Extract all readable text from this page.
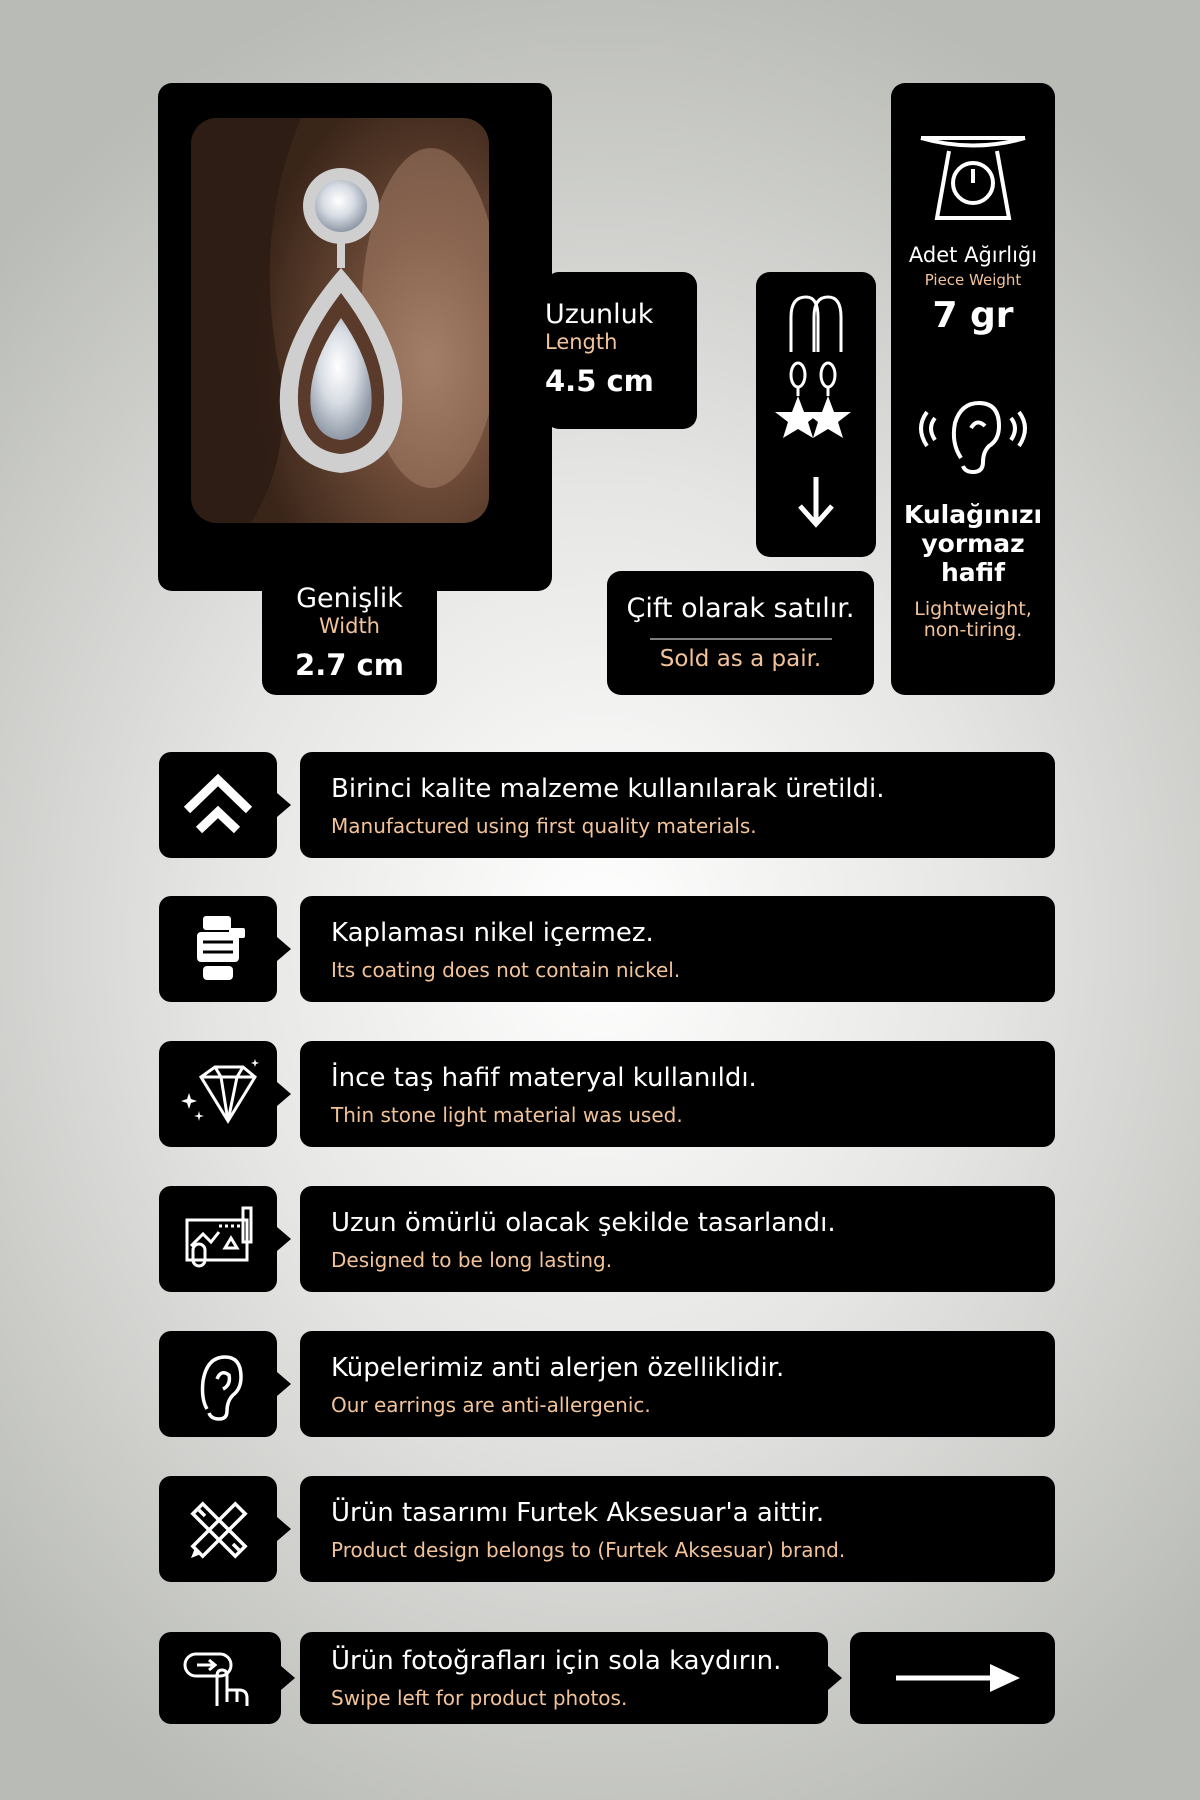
Uzunluk
Length
4.5 cm
Genişlik
Width
2.7 cm
Çift olarak satılır.
Sold as a pair.
Adet Ağırlığı
Piece Weight
7 gr
Kulağınızı yormaz hafif
Lightweight, non-tiring.
Birinci kalite malzeme kullanılarak üretildi.
Manufactured using first quality materials.
Kaplaması nikel içermez.
Its coating does not contain nickel.
İnce taş hafif materyal kullanıldı.
Thin stone light material was used.
Uzun ömürlü olacak şekilde tasarlandı.
Designed to be long lasting.
Küpelerimiz anti alerjen özelliklidir.
Our earrings are anti-allergenic.
Ürün tasarımı Furtek Aksesuar'a aittir.
Product design belongs to (Furtek Aksesuar) brand.
Ürün fotoğrafları için sola kaydırın.
Swipe left for product photos.
